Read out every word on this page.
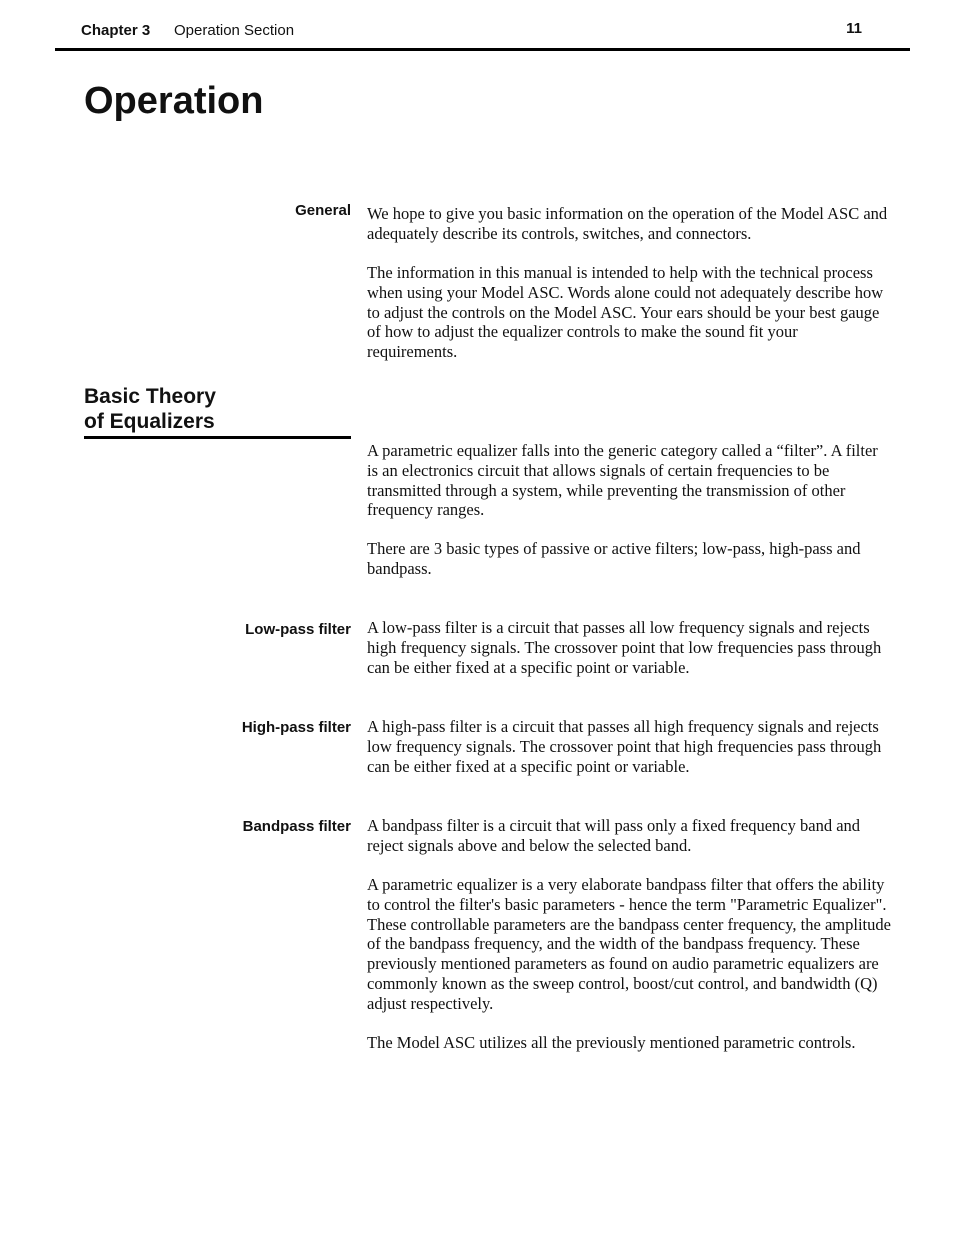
Chapter 3 Operation Section	11
Operation
General We hope to give you basic information on the operation of the Model ASC and adequately describe its controls, switches, and connectors.

The information in this manual is intended to help with the technical process when using your Model ASC. Words alone could not adequately describe how to adjust the controls on the Model ASC. Your ears should be your best gauge of how to adjust the equalizer controls to make the sound fit your requirements.

Basic Theory
of Equalizers

A parametric equalizer falls into the generic category called a “filter”. A filter is an electronics circuit that allows signals of certain frequencies to be transmitted through a system, while preventing the transmission of other frequency ranges.

There are 3 basic types of passive or active filters; low-pass, high-pass and bandpass.

Low-pass filter A low-pass filter is a circuit that passes all low frequency signals and rejects high frequency signals. The crossover point that low frequencies pass through can be either fixed at a specific point or variable.

High-pass filter A high-pass filter is a circuit that passes all high frequency signals and rejects low frequency signals. The crossover point that high frequencies pass through can be either fixed at a specific point or variable.

Bandpass filter A bandpass filter is a circuit that will pass only a fixed frequency band and reject signals above and below the selected band.

A parametric equalizer is a very elaborate bandpass filter that offers the ability to control the filter's basic parameters - hence the term "Parametric Equalizer". These controllable parameters are the bandpass center frequency, the amplitude of the bandpass frequency, and the width of the bandpass frequency. These previously mentioned parameters as found on audio parametric equalizers are commonly known as the sweep control, boost/cut control, and bandwidth (Q) adjust respectively.

The Model ASC utilizes all the previously mentioned parametric controls.
